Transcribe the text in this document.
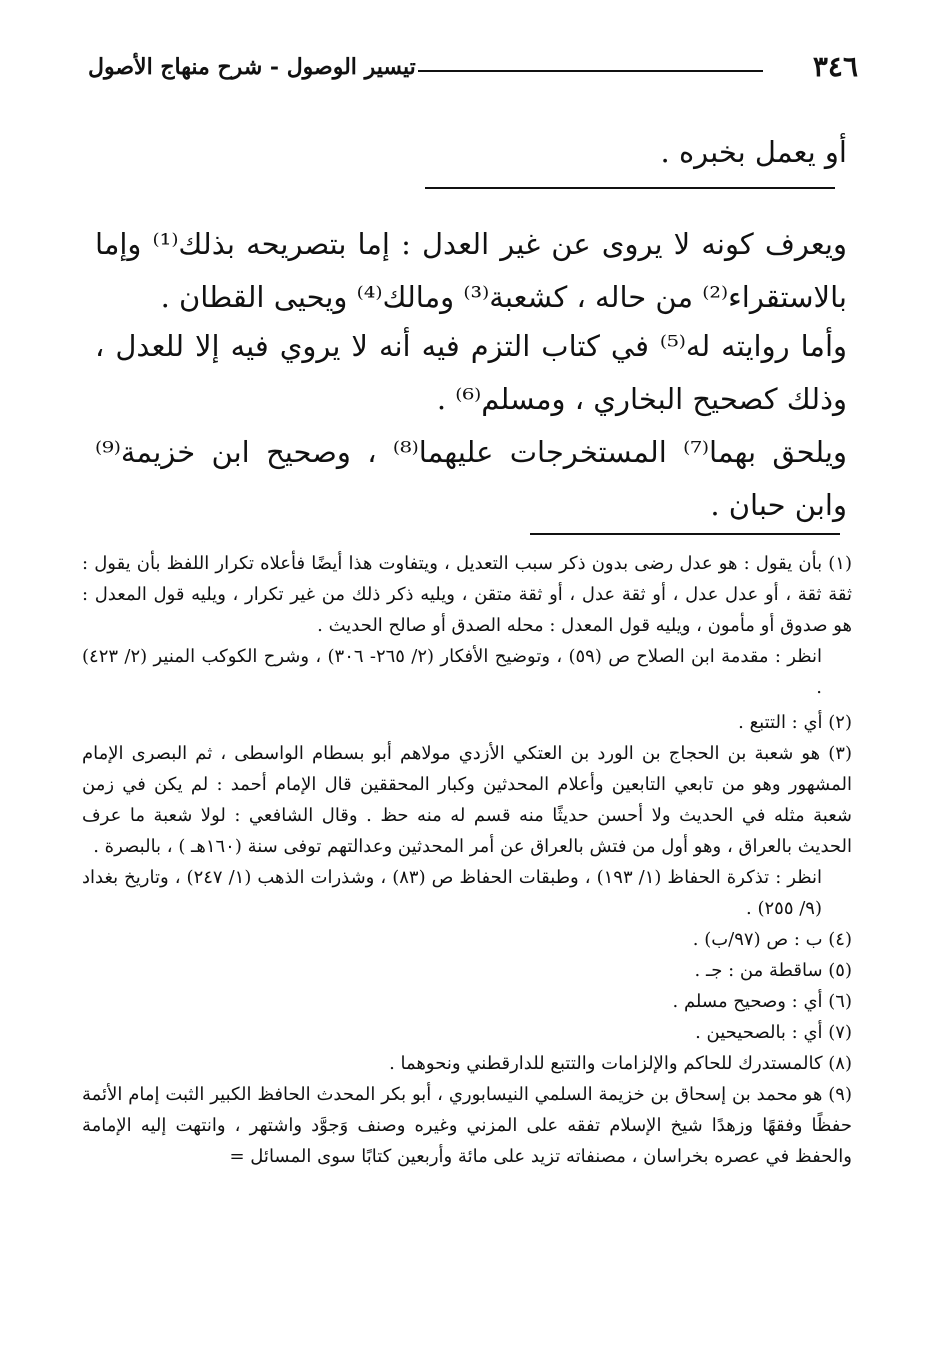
٣٤٦
تيسير الوصول - شرح منهاج الأصول

أو يعمل بخبره .

ويعرف كونه لا يروى عن غير العدل : إما بتصريحه بذلك⁽¹⁾ وإما بالاستقراء⁽²⁾ من حاله ، كشعبة⁽³⁾ ومالك⁽⁴⁾ ويحيى القطان .

وأما روايته له⁽⁵⁾ في كتاب التزم فيه أنه لا يروي فيه إلا للعدل ، وذلك كصحيح البخاري ، ومسلم⁽⁶⁾ .

ويلحق بهما⁽⁷⁾ المستخرجات عليهما⁽⁸⁾ ، وصحيح ابن خزيمة⁽⁹⁾ وابن حبان .

(١) بأن يقول : هو عدل رضى بدون ذكر سبب التعديل ، ويتفاوت هذا أيضًا فأعلاه تكرار اللفظ بأن يقول : ثقة ثقة ، أو عدل عدل ، أو ثقة عدل ، أو ثقة متقن ، ويليه ذكر ذلك من غير تكرار ، ويليه قول المعدل : هو صدوق أو مأمون ، ويليه قول المعدل : محله الصدق أو صالح الحديث .

انظر : مقدمة ابن الصلاح ص (٥٩) ، وتوضيح الأفكار (٢/ ٢٦٥- ٣٠٦) ، وشرح الكوكب المنير (٢/ ٤٢٣) .

(٢) أي : التتبع .

(٣) هو شعبة بن الحجاج بن الورد بن العتكي الأزدي مولاهم أبو بسطام الواسطى ، ثم البصرى الإمام المشهور وهو من تابعي التابعين وأعلام المحدثين وكبار المحققين قال الإمام أحمد : لم يكن في زمن شعبة مثله في الحديث ولا أحسن حديثًا منه قسم له منه حظ . وقال الشافعي : لولا شعبة ما عرف الحديث بالعراق ، وهو أول من فتش بالعراق عن أمر المحدثين وعدالتهم توفى سنة (١٦٠هـ ) ، بالبصرة .

انظر : تذكرة الحفاظ (١/ ١٩٣) ، وطبقات الحفاظ ص (٨٣) ، وشذرات الذهب (١/ ٢٤٧) ، وتاريخ بغداد (٩/ ٢٥٥) .

(٤) ب : ص (٩٧/ب) .

(٥) ساقطة من : جـ .

(٦) أي : وصحيح مسلم .

(٧) أي : بالصحيحين .

(٨) كالمستدرك للحاكم والإلزامات والتتبع للدارقطني ونحوهما .

(٩) هو محمد بن إسحاق بن خزيمة السلمي النيسابوري ، أبو بكر المحدث الحافظ الكبير الثبت إمام الأئمة حفظًا وفقهًا وزهدًا شيخ الإسلام تفقه على المزني وغيره وصنف وَجوَّد واشتهر ، وانتهت إليه الإمامة والحفظ في عصره بخراسان ، مصنفاته تزيد على مائة وأربعين كتابًا سوى المسائل =
